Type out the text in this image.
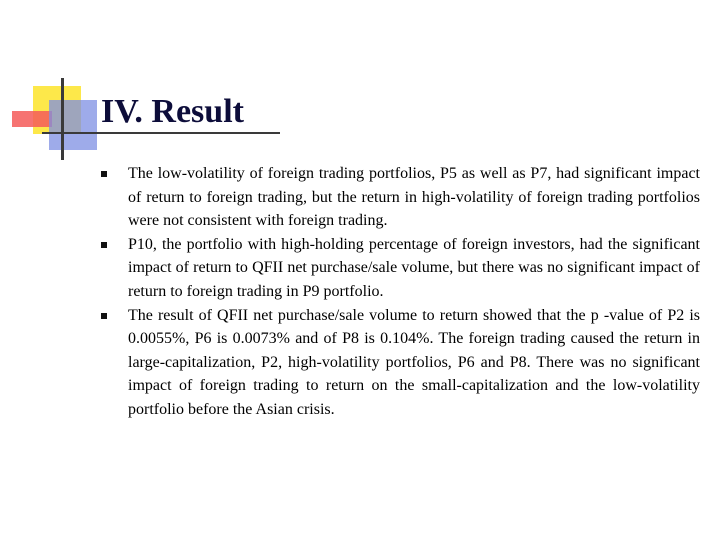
IV. Result
The low-volatility of foreign trading portfolios, P5 as well as P7, had significant impact of return to foreign trading, but the return in high-volatility of foreign trading portfolios were not consistent with foreign trading.
P10, the portfolio with high-holding percentage of foreign investors, had the significant impact of return to QFII net purchase/sale volume, but there was no significant impact of return to foreign trading in P9 portfolio.
The result of QFII net purchase/sale volume to return showed that the p -value of P2 is 0.0055%, P6 is 0.0073% and of P8 is 0.104%. The foreign trading caused the return in large-capitalization, P2, high-volatility portfolios, P6 and P8. There was no significant impact of foreign trading to return on the small-capitalization and the low-volatility portfolio before the Asian crisis.
